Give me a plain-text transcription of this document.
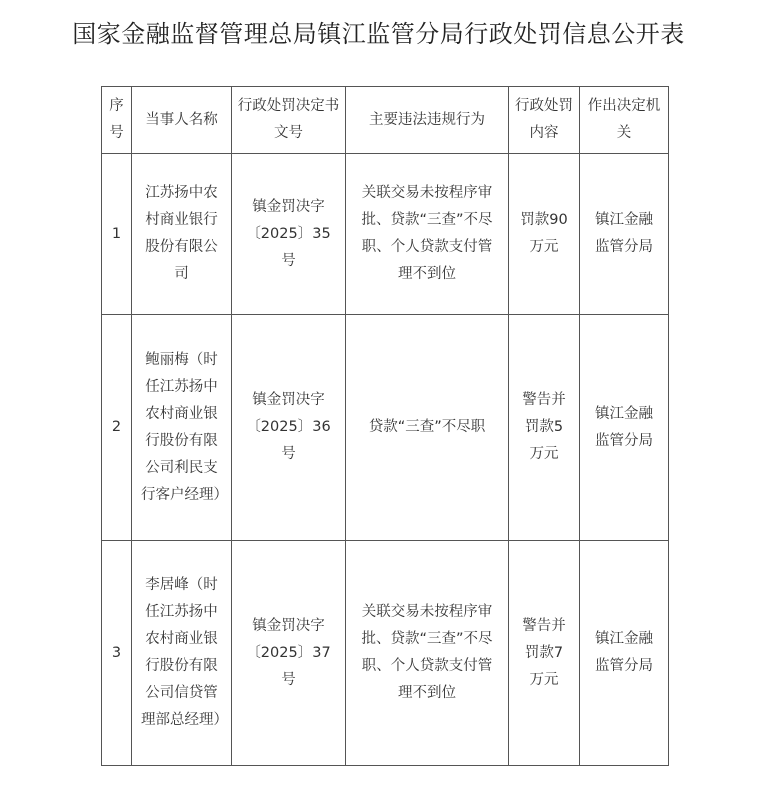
国家金融监督管理总局镇江监管分局行政处罚信息公开表
序号	当事人名称	行政处罚决定书文号	主要违法违规行为	行政处罚内容	作出决定机关
1	江苏扬中农村商业银行股份有限公司	镇金罚决字〔2025〕35号	关联交易未按程序审批、贷款“三查”不尽职、个人贷款支付管理不到位	罚款90万元	镇江金融监管分局
2	鲍丽梅（时任江苏扬中农村商业银行股份有限公司利民支行客户经理）	镇金罚决字〔2025〕36号	贷款“三查”不尽职	警告并罚款5万元	镇江金融监管分局
3	李居峰（时任江苏扬中农村商业银行股份有限公司信贷管理部总经理）	镇金罚决字〔2025〕37号	关联交易未按程序审批、贷款“三查”不尽职、个人贷款支付管理不到位	警告并罚款7万元	镇江金融监管分局
